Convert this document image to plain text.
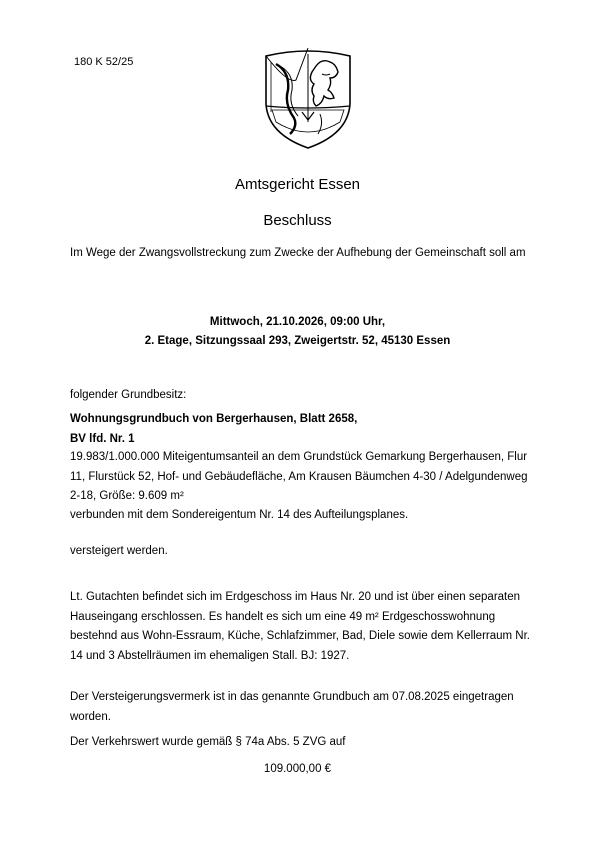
180 K 52/25
Amtsgericht Essen
Beschluss
Im Wege der Zwangsvollstreckung zum Zwecke der Aufhebung der Gemeinschaft soll am
Mittwoch, 21.10.2026, 09:00 Uhr,
2. Etage, Sitzungssaal 293, Zweigertstr. 52, 45130 Essen
folgender Grundbesitz:
Wohnungsgrundbuch von Bergerhausen, Blatt 2658,
BV lfd. Nr. 1
19.983/1.000.000 Miteigentumsanteil an dem Grundstück Gemarkung Bergerhausen, Flur 11, Flurstück 52, Hof- und Gebäudefläche, Am Krausen Bäumchen 4-30 / Adelgundenweg 2-18, Größe: 9.609 m²
verbunden mit dem Sondereigentum Nr. 14 des Aufteilungsplanes.
versteigert werden.
Lt. Gutachten befindet sich im Erdgeschoss im Haus Nr. 20 und ist über einen separaten Hauseingang erschlossen. Es handelt es sich um eine 49 m² Erdgeschosswohnung bestehnd aus Wohn-Essraum, Küche, Schlafzimmer, Bad, Diele sowie dem Kellerraum Nr. 14 und 3 Abstellräumen im ehemaligen Stall. BJ: 1927.
Der Versteigerungsvermerk ist in das genannte Grundbuch am 07.08.2025 eingetragen worden.
Der Verkehrswert wurde gemäß § 74a Abs. 5 ZVG auf
109.000,00 €
